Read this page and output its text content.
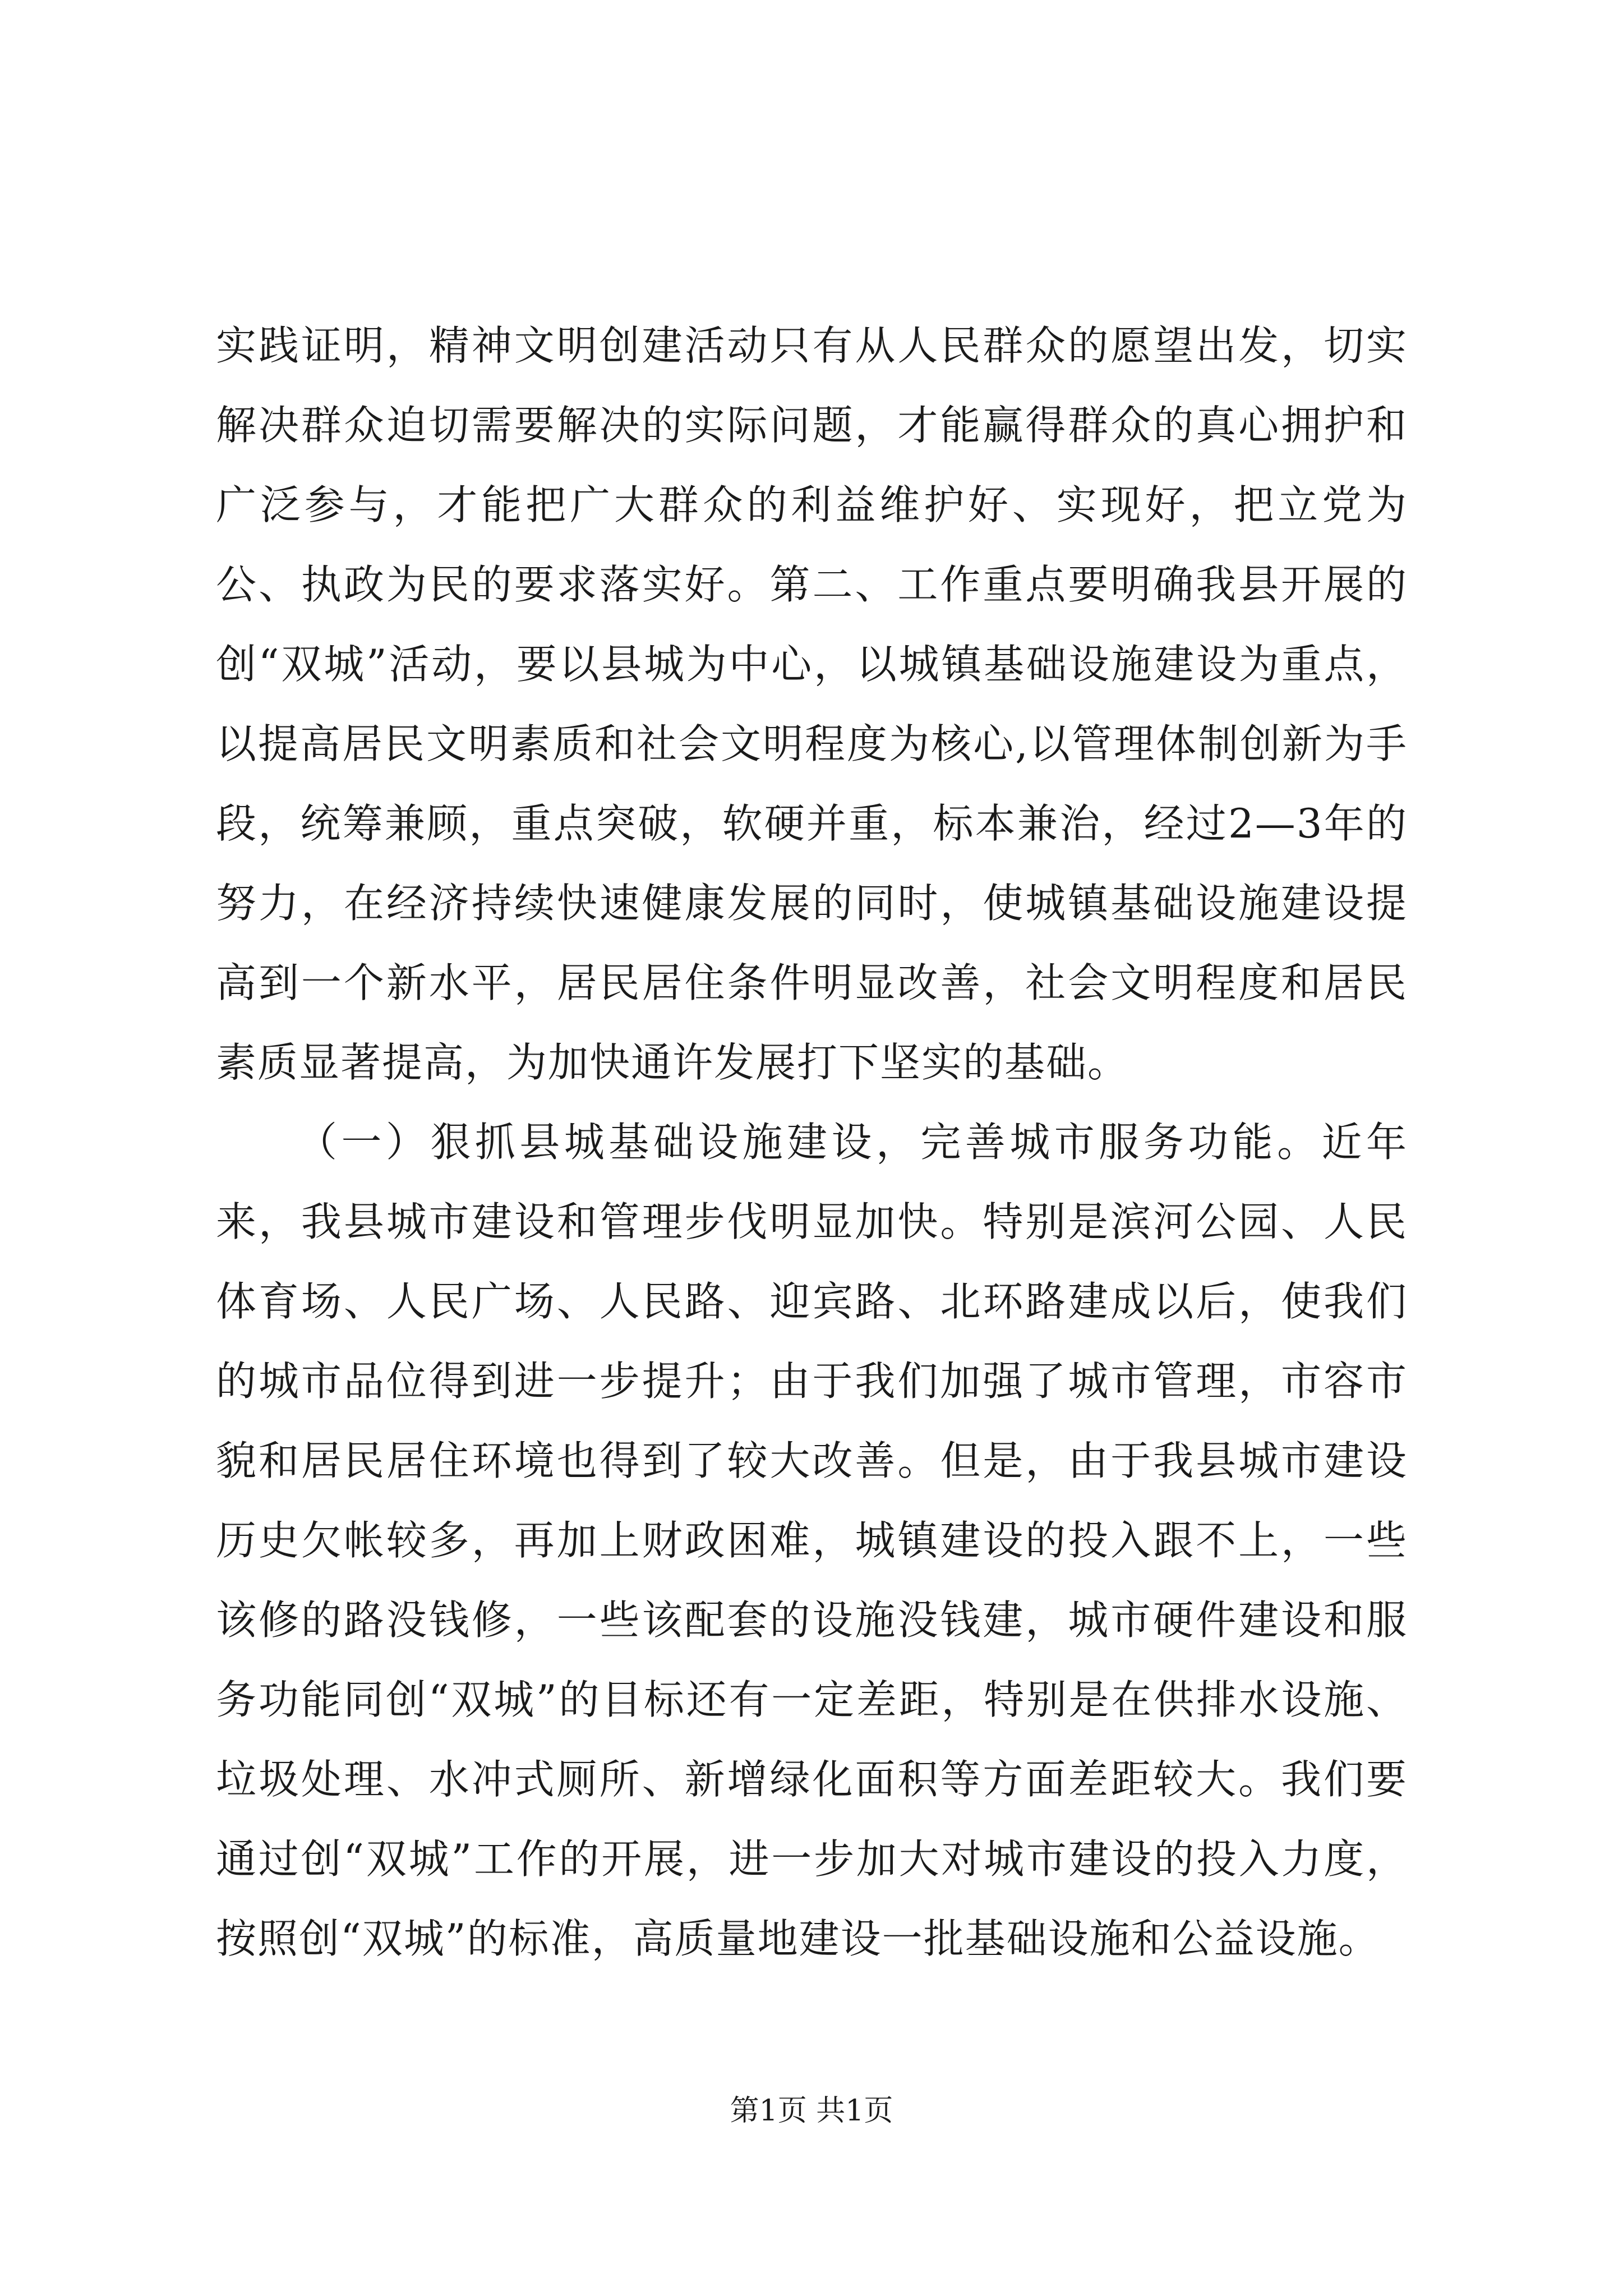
实践证明，精神文明创建活动只有从人民群众的愿望出发，切实解决群众迫切需要解决的实际问题，才能赢得群众的真心拥护和广泛参与，才能把广大群众的利益维护好、实现好，把立党为公、执政为民的要求落实好。第二、工作重点要明确我县开展的创“双城”活动，要以县城为中心，以城镇基础设施建设为重点，以提高居民文明素质和社会文明程度为核心,以管理体制创新为手段，统筹兼顾，重点突破，软硬并重，标本兼治，经过2—3年的努力，在经济持续快速健康发展的同时，使城镇基础设施建设提高到一个新水平，居民居住条件明显改善，社会文明程度和居民素质显著提高，为加快通许发展打下坚实的基础。

（一）狠抓县城基础设施建设，完善城市服务功能。近年来，我县城市建设和管理步伐明显加快。特别是滨河公园、人民体育场、人民广场、人民路、迎宾路、北环路建成以后，使我们的城市品位得到进一步提升；由于我们加强了城市管理，市容市貌和居民居住环境也得到了较大改善。但是，由于我县城市建设历史欠帐较多，再加上财政困难，城镇建设的投入跟不上，一些该修的路没钱修，一些该配套的设施没钱建，城市硬件建设和服务功能同创“双城”的目标还有一定差距，特别是在供排水设施、垃圾处理、水冲式厕所、新增绿化面积等方面差距较大。我们要通过创“双城”工作的开展，进一步加大对城市建设的投入力度，按照创“双城”的标准，高质量地建设一批基础设施和公益设施。

第1页 共1页
